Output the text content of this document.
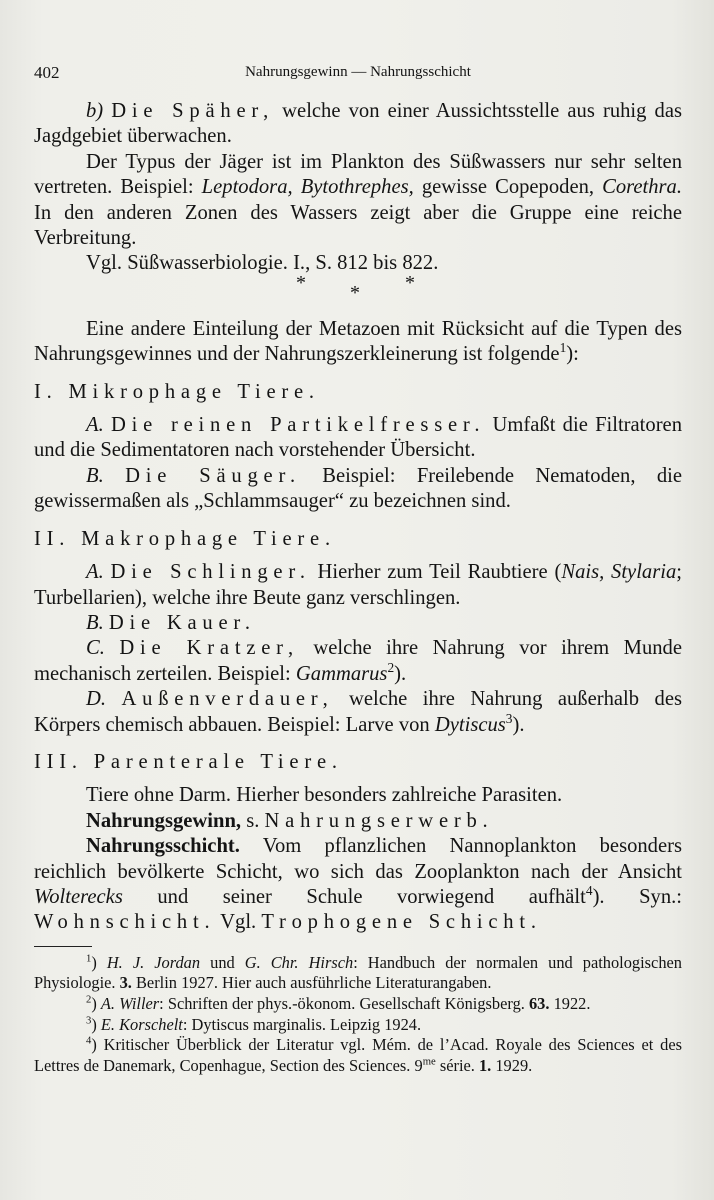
402	Nahrungsgewinn — Nahrungsschicht

b) Die Späher, welche von einer Aussichtsstelle aus ruhig das Jagdgebiet überwachen.

Der Typus der Jäger ist im Plankton des Süßwassers nur sehr selten vertreten. Beispiel: Leptodora, Bytothrephes, gewisse Copepoden, Corethra. In den anderen Zonen des Wassers zeigt aber die Gruppe eine reiche Verbreitung.

Vgl. Süßwasserbiologie. I., S. 812 bis 822.

* * *

Eine andere Einteilung der Metazoen mit Rücksicht auf die Typen des Nahrungsgewinnes und der Nahrungszerkleinerung ist folgende$^1$):

I. Mikrophage Tiere.

A. Die reinen Partikelfresser. Umfaßt die Filtratoren und die Sedimentatoren nach vorstehender Übersicht.

B. Die Säuger. Beispiel: Freilebende Nematoden, die gewissermaßen als „Schlammsauger“ zu bezeichnen sind.

II. Makrophage Tiere.

A. Die Schlinger. Hierher zum Teil Raubtiere (Nais, Stylaria; Turbellarien), welche ihre Beute ganz verschlingen.

B. Die Kauer.

C. Die Kratzer, welche ihre Nahrung vor ihrem Munde mechanisch zerteilen. Beispiel: Gammarus$^2$).

D. Außenverdauer, welche ihre Nahrung außerhalb des Körpers chemisch abbauen. Beispiel: Larve von Dytiscus$^3$).

III. Parenterale Tiere.

Tiere ohne Darm. Hierher besonders zahlreiche Parasiten.

Nahrungsgewinn, s. Nahrungserwerb.

Nahrungsschicht. Vom pflanzlichen Nannoplankton besonders reichlich bevölkerte Schicht, wo sich das Zooplankton nach der Ansicht Wolterecks und seiner Schule vorwiegend aufhält$^4$). Syn.: Wohnschicht. Vgl. Trophogene Schicht.

$^1$) H. J. Jordan und G. Chr. Hirsch: Handbuch der normalen und pathologischen Physiologie. 3. Berlin 1927. Hier auch ausführliche Literaturangaben.

$^2$) A. Willer: Schriften der phys.-ökonom. Gesellschaft Königsberg. 63. 1922.

$^3$) E. Korschelt: Dytiscus marginalis. Leipzig 1924.

$^4$) Kritischer Überblick der Literatur vgl. Mém. de l’Acad. Royale des Sciences et des Lettres de Danemark, Copenhague, Section des Sciences. $9^{me}$ série. 1. 1929.
